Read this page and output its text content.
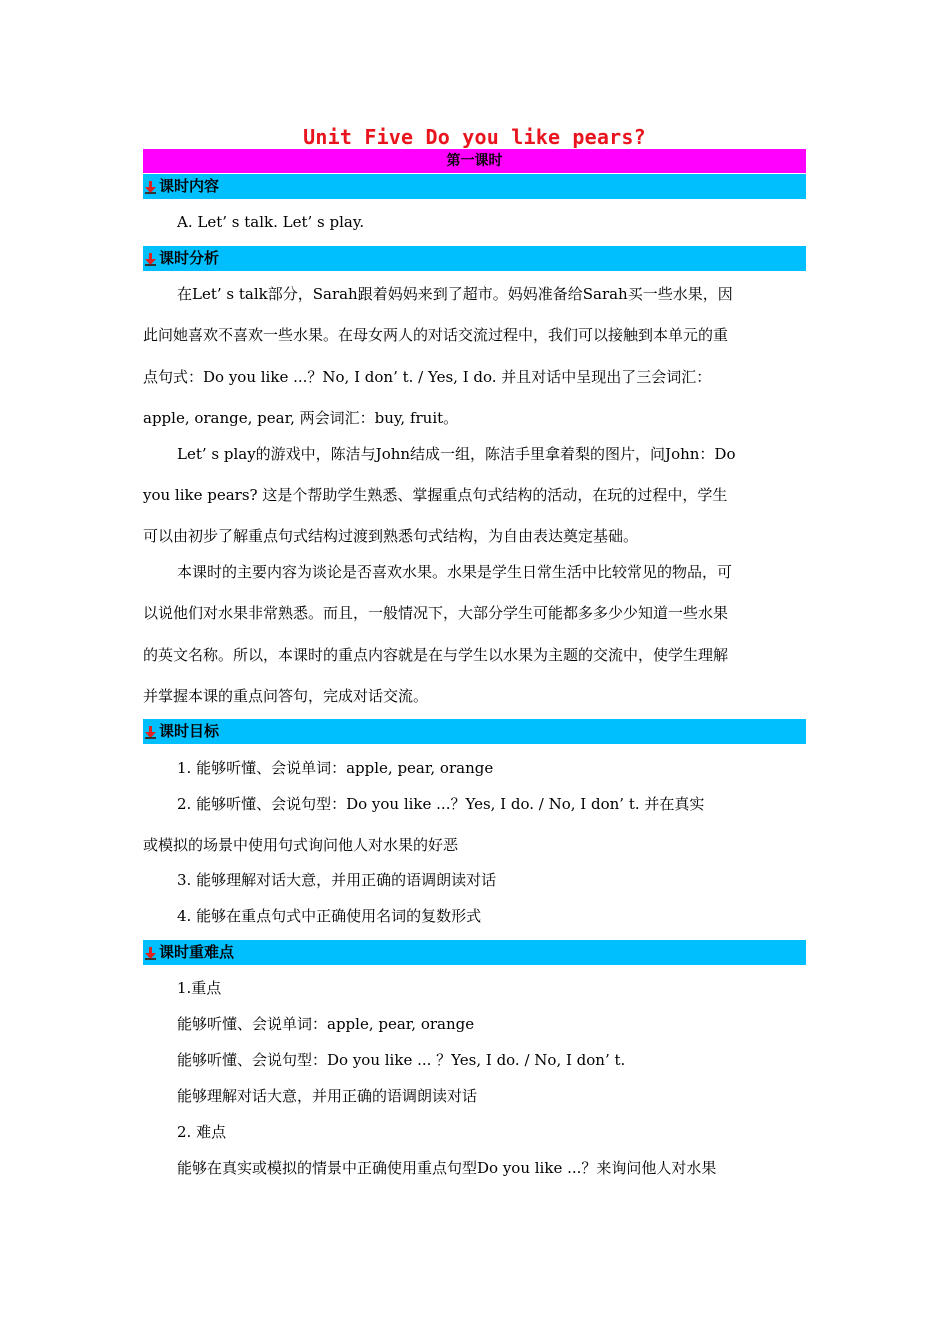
Unit Five Do you like pears?
第一课时
课时内容
A. Let’ s talk. Let’ s play.
课时分析
在Let’ s talk部分，Sarah跟着妈妈来到了超市。妈妈准备给Sarah买一些水果，因
此问她喜欢不喜欢一些水果。在母女两人的对话交流过程中，我们可以接触到本单元的重
点句式：Do you like ...？No, I don’ t. / Yes, I do. 并且对话中呈现出了三会词汇：
apple, orange, pear, 两会词汇：buy, fruit。
Let’ s play的游戏中，陈洁与John结成一组，陈洁手里拿着梨的图片，问John：Do
you like pears? 这是个帮助学生熟悉、掌握重点句式结构的活动，在玩的过程中，学生
可以由初步了解重点句式结构过渡到熟悉句式结构，为自由表达奠定基础。
本课时的主要内容为谈论是否喜欢水果。水果是学生日常生活中比较常见的物品，可
以说他们对水果非常熟悉。而且，一般情况下，大部分学生可能都多多少少知道一些水果
的英文名称。所以，本课时的重点内容就是在与学生以水果为主题的交流中，使学生理解
并掌握本课的重点问答句，完成对话交流。
课时目标
1. 能够听懂、会说单词：apple, pear, orange
2. 能够听懂、会说句型：Do you like ...？Yes, I do. / No, I don’ t. 并在真实
或模拟的场景中使用句式询问他人对水果的好恶
3. 能够理解对话大意，并用正确的语调朗读对话
4. 能够在重点句式中正确使用名词的复数形式
课时重难点
1.重点
能够听懂、会说单词：apple, pear, orange
能够听懂、会说句型：Do you like ... ？Yes, I do. / No, I don’ t.
能够理解对话大意，并用正确的语调朗读对话
2. 难点
能够在真实或模拟的情景中正确使用重点句型Do you like ...？来询问他人对水果
